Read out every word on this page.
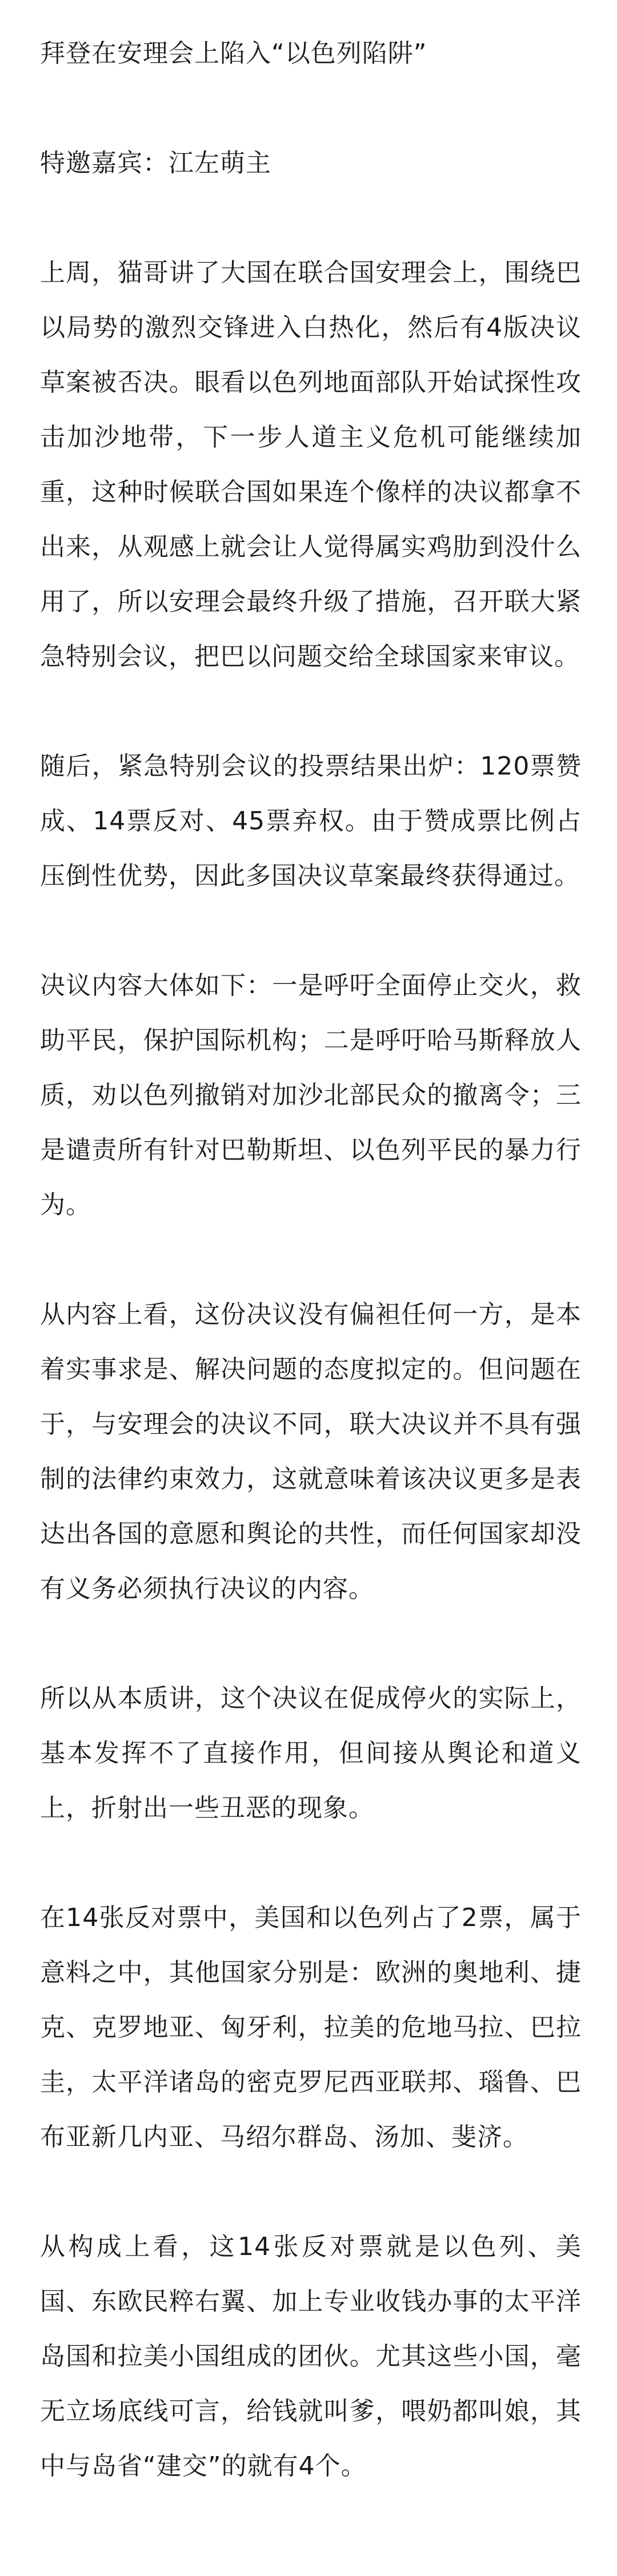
拜登在安理会上陷入“以色列陷阱”

特邀嘉宾：江左萌主

上周，猫哥讲了大国在联合国安理会上，围绕巴以局势的激烈交锋进入白热化，然后有4版决议草案被否决。眼看以色列地面部队开始试探性攻击加沙地带，下一步人道主义危机可能继续加重，这种时候联合国如果连个像样的决议都拿不出来，从观感上就会让人觉得属实鸡肋到没什么用了，所以安理会最终升级了措施，召开联大紧急特别会议，把巴以问题交给全球国家来审议。

随后，紧急特别会议的投票结果出炉：120票赞成、14票反对、45票弃权。由于赞成票比例占压倒性优势，因此多国决议草案最终获得通过。

决议内容大体如下：一是呼吁全面停止交火，救助平民，保护国际机构；二是呼吁哈马斯释放人质，劝以色列撤销对加沙北部民众的撤离令；三是谴责所有针对巴勒斯坦、以色列平民的暴力行为。

从内容上看，这份决议没有偏袒任何一方，是本着实事求是、解决问题的态度拟定的。但问题在于，与安理会的决议不同，联大决议并不具有强制的法律约束效力，这就意味着该决议更多是表达出各国的意愿和舆论的共性，而任何国家却没有义务必须执行决议的内容。

所以从本质讲，这个决议在促成停火的实际上，基本发挥不了直接作用，但间接从舆论和道义上，折射出一些丑恶的现象。

在14张反对票中，美国和以色列占了2票，属于意料之中，其他国家分别是：欧洲的奥地利、捷克、克罗地亚、匈牙利，拉美的危地马拉、巴拉圭，太平洋诸岛的密克罗尼西亚联邦、瑙鲁、巴布亚新几内亚、马绍尔群岛、汤加、斐济。

从构成上看，这14张反对票就是以色列、美国、东欧民粹右翼、加上专业收钱办事的太平洋岛国和拉美小国组成的团伙。尤其这些小国，毫无立场底线可言，给钱就叫爹，喂奶都叫娘，其中与岛省“建交”的就有4个。
